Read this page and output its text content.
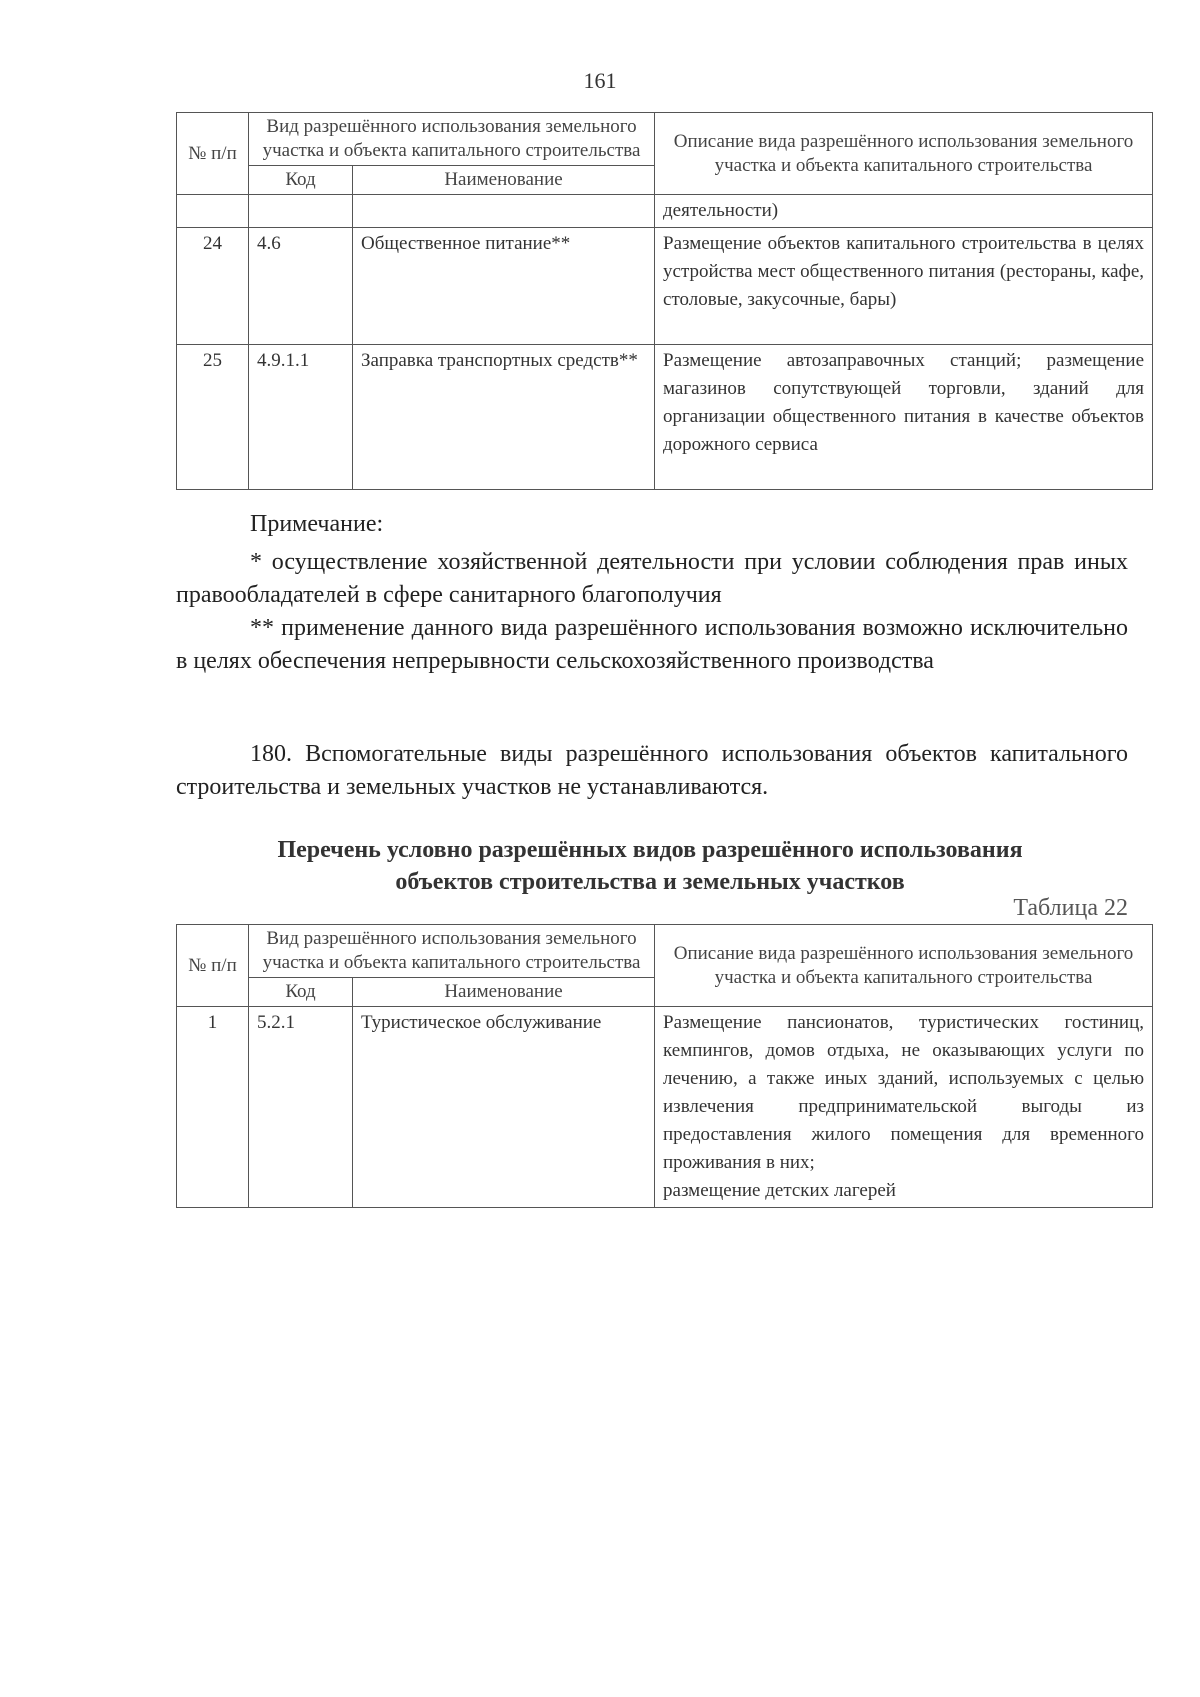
161
№ п/п	Вид разрешённого использования земельного участка и объекта капитального строительства		Описание вида разрешённого использования земельного участка и объекта капитального строительства
	Код	Наименование	
			деятельности)
24	4.6	Общественное питание**	Размещение объектов капитального строительства в целях устройства мест общественного питания (рестораны, кафе, столовые, закусочные, бары)
25	4.9.1.1	Заправка транспортных средств**	Размещение автозаправочных станций; размещение магазинов сопутствующей торговли, зданий для организации общественного питания в качестве объектов дорожного сервиса
Примечание:

* осуществление хозяйственной деятельности при условии соблюдения прав иных правообладателей в сфере санитарного благополучия

** применение данного вида разрешённого использования возможно исключительно в целях обеспечения непрерывности сельскохозяйственного производства

180. Вспомогательные виды разрешённого использования объектов капитального строительства и земельных участков не устанавливаются.

Перечень условно разрешённых видов разрешённого использования
объектов строительства и земельных участков
Таблица 22
№ п/п	Вид разрешённого использования земельного участка и объекта капитального строительства		Описание вида разрешённого использования земельного участка и объекта капитального строительства
	Код	Наименование	
1	5.2.1	Туристическое обслуживание	Размещение пансионатов, туристических гостиниц, кемпингов, домов отдыха, не оказывающих услуги по лечению, а также иных зданий, используемых с целью извлечения предпринимательской выгоды из предоставления жилого помещения для временного проживания в них;
размещение детских лагерей
